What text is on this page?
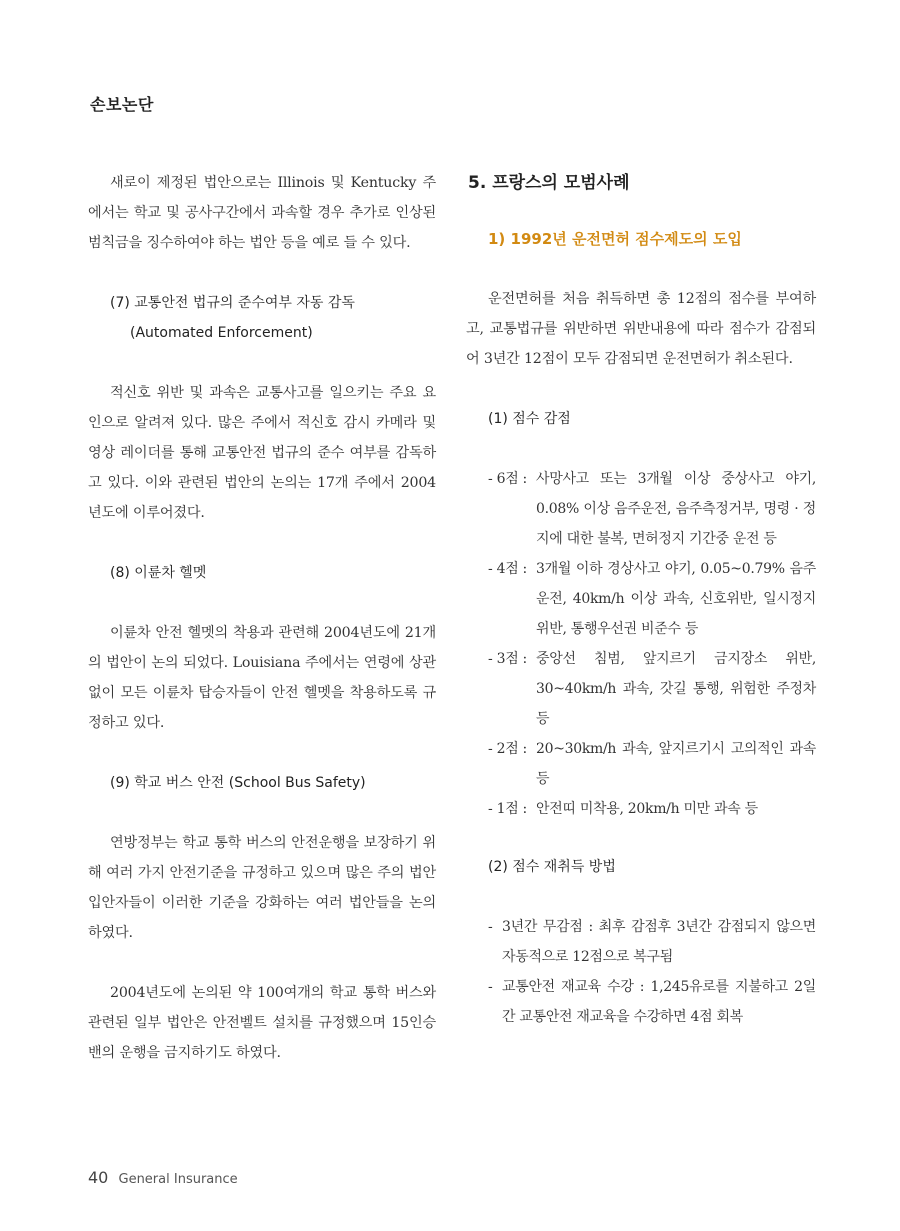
손보논단

새로이 제정된 법안으로는 Illinois 및 Kentucky 주에서는 학교 및 공사구간에서 과속할 경우 추가로 인상된 범칙금을 징수하여야 하는 법안 등을 예로 들 수 있다.

(7) 교통안전 법규의 준수여부 자동 감독
(Automated Enforcement)

적신호 위반 및 과속은 교통사고를 일으키는 주요 요인으로 알려져 있다. 많은 주에서 적신호 감시 카메라 및 영상 레이더를 통해 교통안전 법규의 준수 여부를 감독하고 있다. 이와 관련된 법안의 논의는 17개 주에서 2004년도에 이루어졌다.

(8) 이륜차 헬멧

이륜차 안전 헬멧의 착용과 관련해 2004년도에 21개의 법안이 논의 되었다. Louisiana 주에서는 연령에 상관없이 모든 이륜차 탑승자들이 안전 헬멧을 착용하도록 규정하고 있다.

(9) 학교 버스 안전 (School Bus Safety)

연방정부는 학교 통학 버스의 안전운행을 보장하기 위해 여러 가지 안전기준을 규정하고 있으며 많은 주의 법안 입안자들이 이러한 기준을 강화하는 여러 법안들을 논의하였다.

2004년도에 논의된 약 100여개의 학교 통학 버스와 관련된 일부 법안은 안전벨트 설치를 규정했으며 15인승 밴의 운행을 금지하기도 하였다.

5. 프랑스의 모범사례
1) 1992년 운전면허 점수제도의 도입

운전면허를 처음 취득하면 총 12점의 점수를 부여하고, 교통법규를 위반하면 위반내용에 따라 점수가 감점되어 3년간 12점이 모두 감점되면 운전면허가 취소된다.

(1) 점수 감점
- 6점 : 사망사고 또는 3개월 이상 중상사고 야기, 0.08% 이상 음주운전, 음주측정거부, 명령 · 정지에 대한 불복, 면허정지 기간중 운전 등
- 4점 : 3개월 이하 경상사고 야기, 0.05~0.79% 음주운전, 40km/h 이상 과속, 신호위반, 일시정지 위반, 통행우선권 비준수 등
- 3점 : 중앙선 침범, 앞지르기 금지장소 위반, 30~40km/h 과속, 갓길 통행, 위험한 주정차 등
- 2점 : 20~30km/h 과속, 앞지르기시 고의적인 과속 등
- 1점 : 안전띠 미착용, 20km/h 미만 과속 등
(2) 점수 재취득 방법
- 3년간 무감점 : 최후 감점후 3년간 감점되지 않으면 자동적으로 12점으로 복구됨
- 교통안전 재교육 수강 : 1,245유로를 지불하고 2일간 교통안전 재교육을 수강하면 4점 회복
40 General Insurance
